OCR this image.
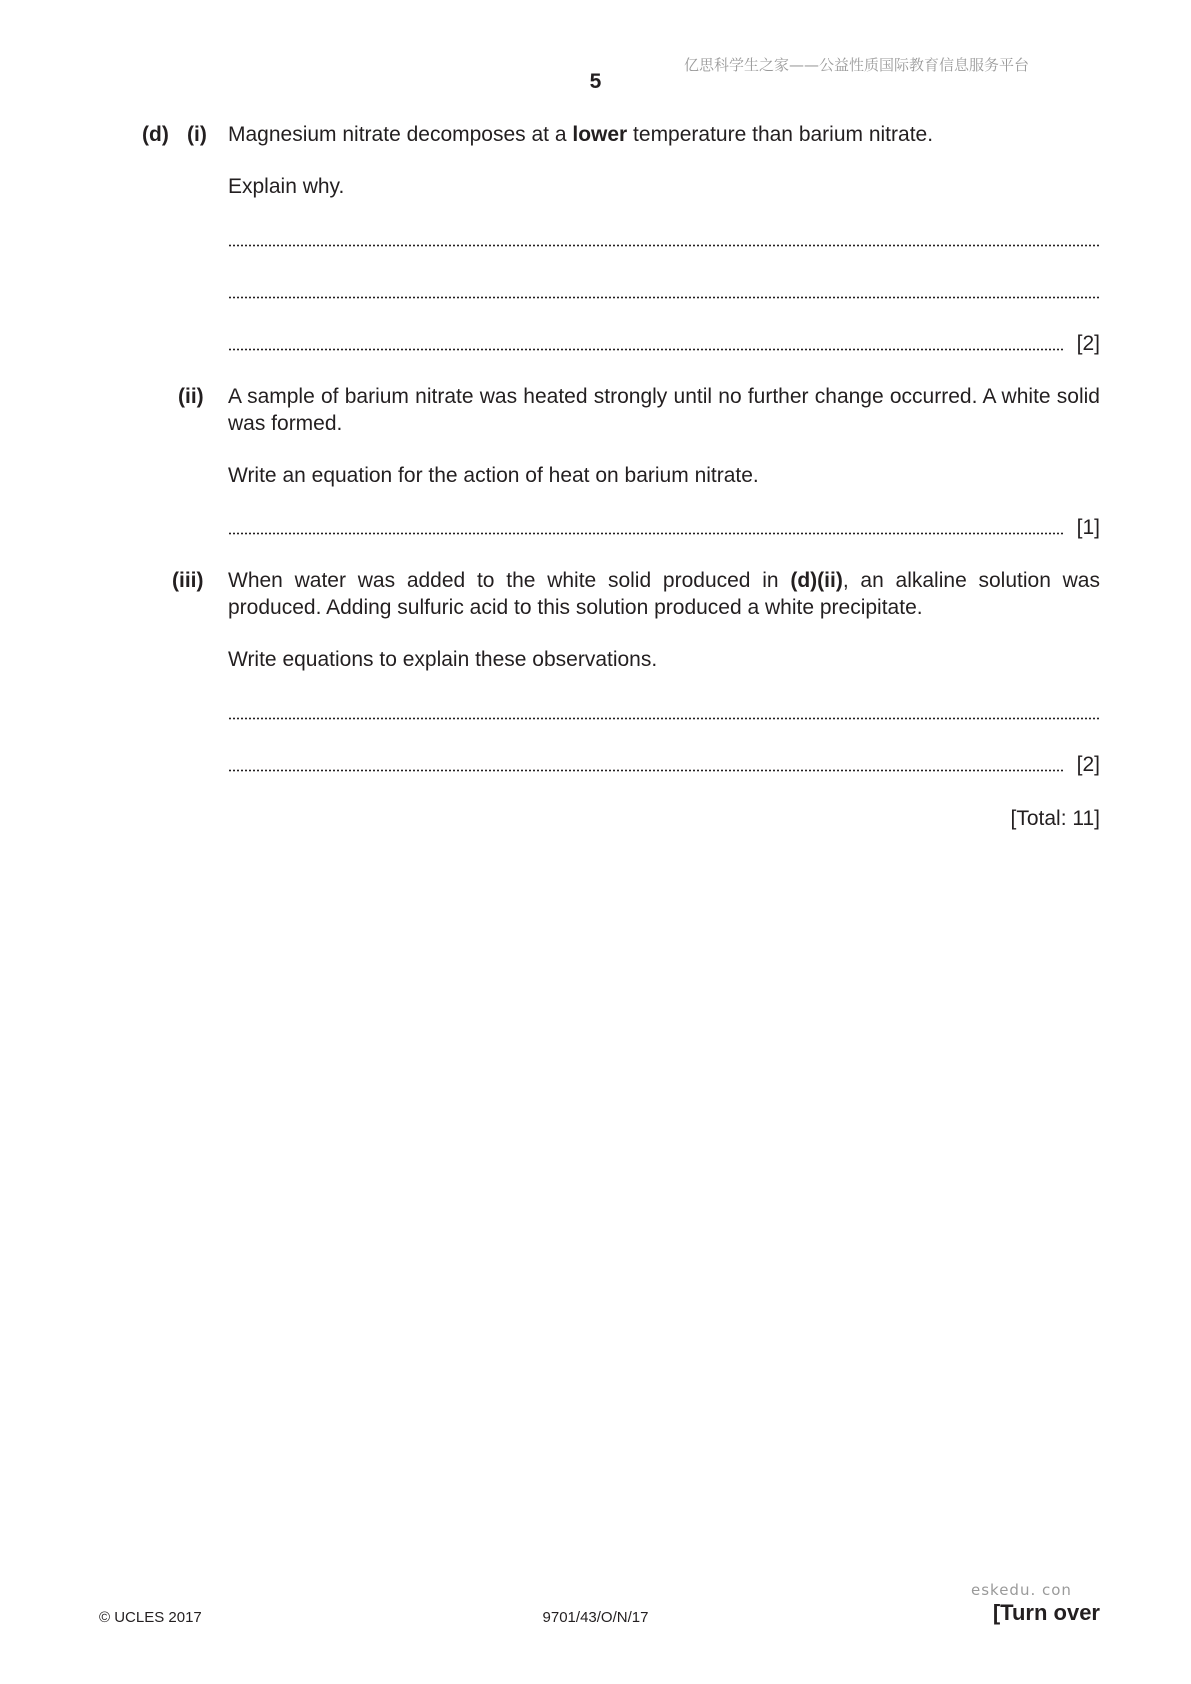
亿思科学生之家——公益性质国际教育信息服务平台
5
(d) (i) Magnesium nitrate decomposes at a lower temperature than barium nitrate.
Explain why.
[2]
(ii) A sample of barium nitrate was heated strongly until no further change occurred. A white solid was formed.
Write an equation for the action of heat on barium nitrate.
[1]
(iii) When water was added to the white solid produced in (d)(ii), an alkaline solution was produced. Adding sulfuric acid to this solution produced a white precipitate.
Write equations to explain these observations.
[2]
[Total: 11]
eskedu. con
© UCLES 2017	9701/43/O/N/17	[Turn over
